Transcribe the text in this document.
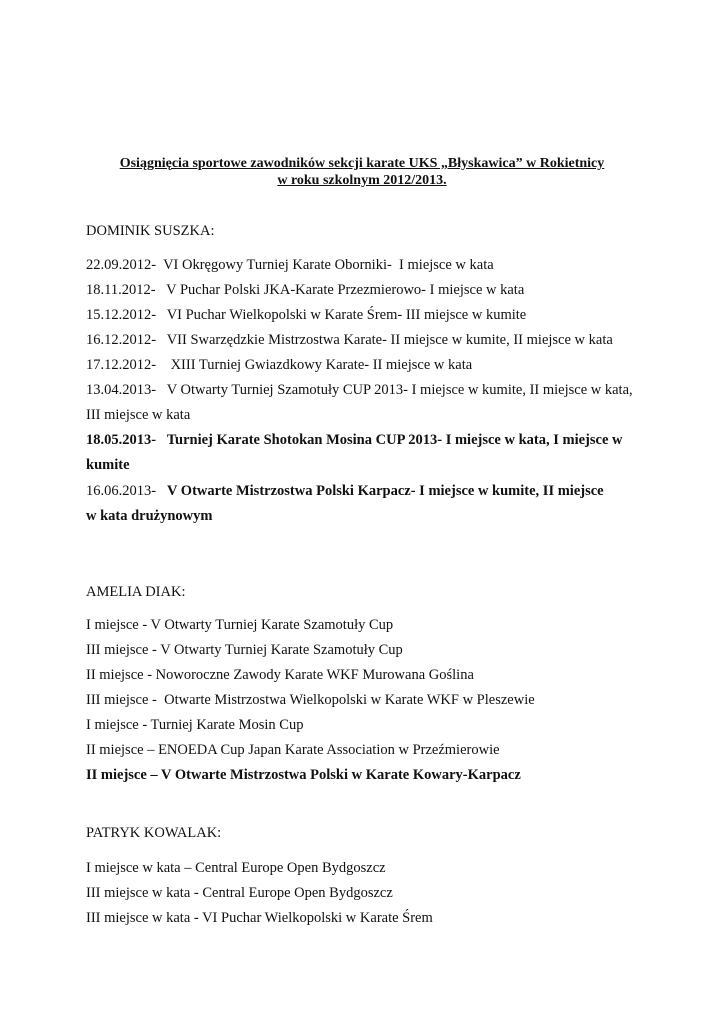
Osiągnięcia sportowe zawodników sekcji karate UKS „Błyskawica” w Rokietnicy
w roku szkolnym 2012/2013.
DOMINIK SUSZKA:
22.09.2012-  VI Okręgowy Turniej Karate Oborniki-  I miejsce w kata
18.11.2012-   V Puchar Polski JKA-Karate Przezmierowo- I miejsce w kata
15.12.2012-   VI Puchar Wielkopolski w Karate Śrem- III miejsce w kumite
16.12.2012-   VII Swarzędzkie Mistrzostwa Karate- II miejsce w kumite, II miejsce w kata
17.12.2012-    XIII Turniej Gwiazdkowy Karate- II miejsce w kata
13.04.2013-   V Otwarty Turniej Szamotuły CUP 2013- I miejsce w kumite, II miejsce w kata,
III miejsce w kata
18.05.2013-   Turniej Karate Shotokan Mosina CUP 2013- I miejsce w kata, I miejsce w
kumite
16.06.2013-   V Otwarte Mistrzostwa Polski Karpacz- I miejsce w kumite, II miejsce
w kata drużynowym
AMELIA DIAK:
I miejsce - V Otwarty Turniej Karate Szamotuły Cup
III miejsce - V Otwarty Turniej Karate Szamotuły Cup
II miejsce - Noworoczne Zawody Karate WKF Murowana Goślina
III miejsce -  Otwarte Mistrzostwa Wielkopolski w Karate WKF w Pleszewie
I miejsce - Turniej Karate Mosin Cup
II miejsce – ENOEDA Cup Japan Karate Association w Przeźmierowie
II miejsce – V Otwarte Mistrzostwa Polski w Karate Kowary-Karpacz
PATRYK KOWALAK:
I miejsce w kata – Central Europe Open Bydgoszcz
III miejsce w kata - Central Europe Open Bydgoszcz
III miejsce w kata - VI Puchar Wielkopolski w Karate Śrem
